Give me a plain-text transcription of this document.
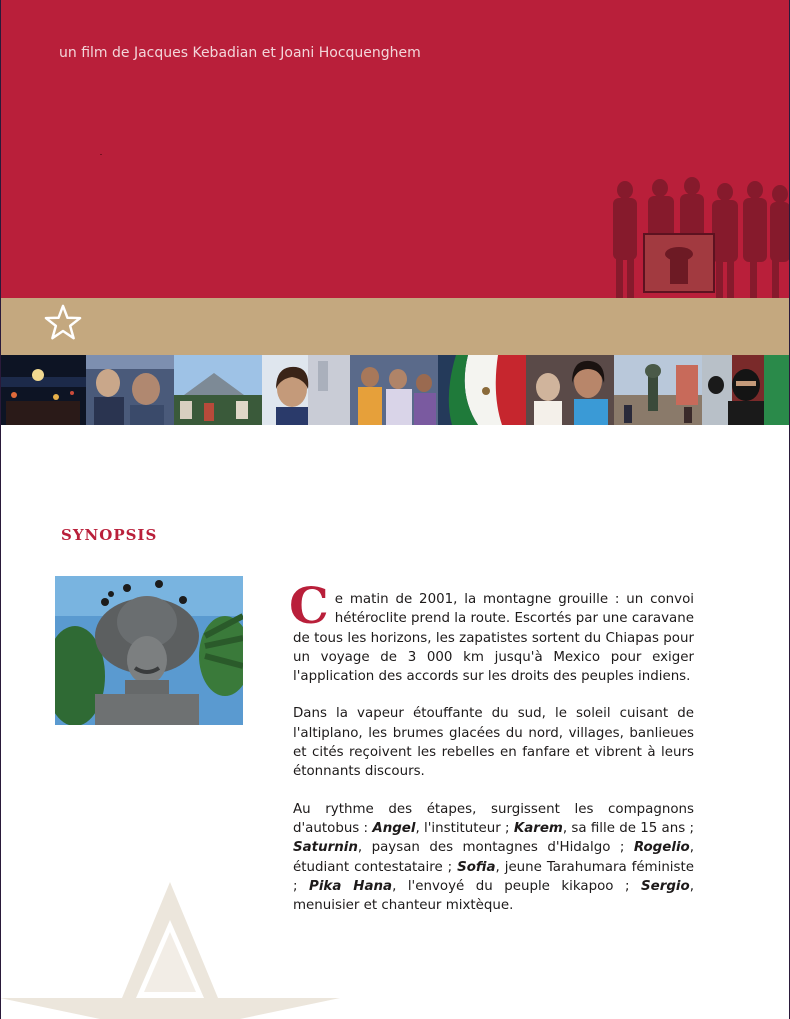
un film de Jacques Kebadian et Joani Hocquenghem
SYNOPSIS

Ce matin de 2001, la montagne grouille : un convoi hétéroclite prend la route. Escortés par une caravane de tous les horizons, les zapatistes sortent du Chiapas pour un voyage de 3 000 km jusqu'à Mexico pour exiger l'application des accords sur les droits des peuples indiens.

Dans la vapeur étouffante du sud, le soleil cuisant de l'altiplano, les brumes glacées du nord, villages, banlieues et cités reçoivent les rebelles en fanfare et vibrent à leurs étonnants discours.

Au rythme des étapes, surgissent les compagnons d'autobus : Angel, l'instituteur ; Karem, sa fille de 15 ans ; Saturnin, paysan des montagnes d'Hidalgo ; Rogelio, étudiant contestataire ; Sofia, jeune Tarahumara féministe ; Pika Hana, l'envoyé du peuple kikapoo ; Sergio, menuisier et chanteur mixtèque.
